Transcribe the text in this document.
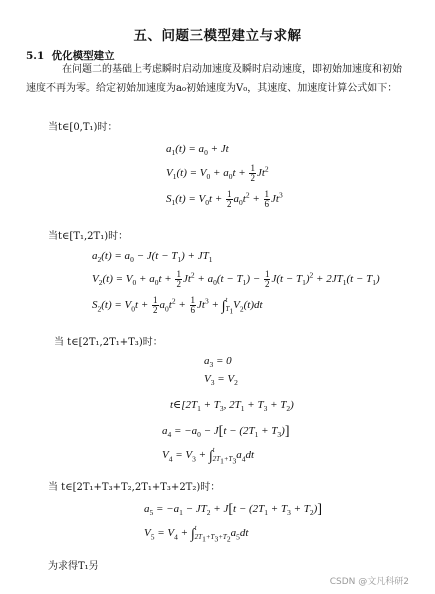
五、问题三模型建立与求解
5.1 优化模型建立
在问题二的基础上考虑瞬时启动加速度及瞬时启动速度，即初始加速度和初始速度不再为零。给定初始加速度为a₀初始速度为V₀，其速度、加速度计算公式如下：
当t∈[0,T₁)时：
$a_1(t) = a_0 + Jt$
$V_1(t) = V_0 + a_0t + \frac{1}{2} Jt^2$
$S_1(t) = V_0t + \frac{1}{2} a_0t^2 + \frac{1}{6} Jt^3$
当t∈[T₁,2T₁)时：
$a_2(t) = a_0 - J(t - T_1) + JT_1$
$V_2(t) = V_0 + a_0t + \frac{1}{2} Jt^2 + a_0(t - T_1) - \frac{1}{2} J(t - T_1)^2 + 2JT_1(t - T_1)$
$S_2(t) = V_0t + \frac{1}{2} a_0t^2 + \frac{1}{6} Jt^3$ + ∫ t
$T_1$ $V_2(t)dt$
当 t∈[2T₁,2T₁+T₃)时：
$a_3 = 0$
$V_3 = V_2$
$t\in[2T_1 + T_3$, $2T_1 + T_3 + T_2$)
$a_4 = -a_0 - J[t - (2T_1 + T_3)]$
$V_4 = V_3$ + ∫ t
$2T_1+T_3$ $a_4dt$
当 t∈[2T₁+T₃+T₂,2T₁+T₃+2T₂)时：
$a_5 = -a_1 - JT_2 + J[t - (2T_1 + T_3 + T_2)]$
$V_5 = V_4$ + ∫ t
$2T_1+T_3+T_2$ $a_5dt$
为求得T₁另
CSDN @文凡科研2
